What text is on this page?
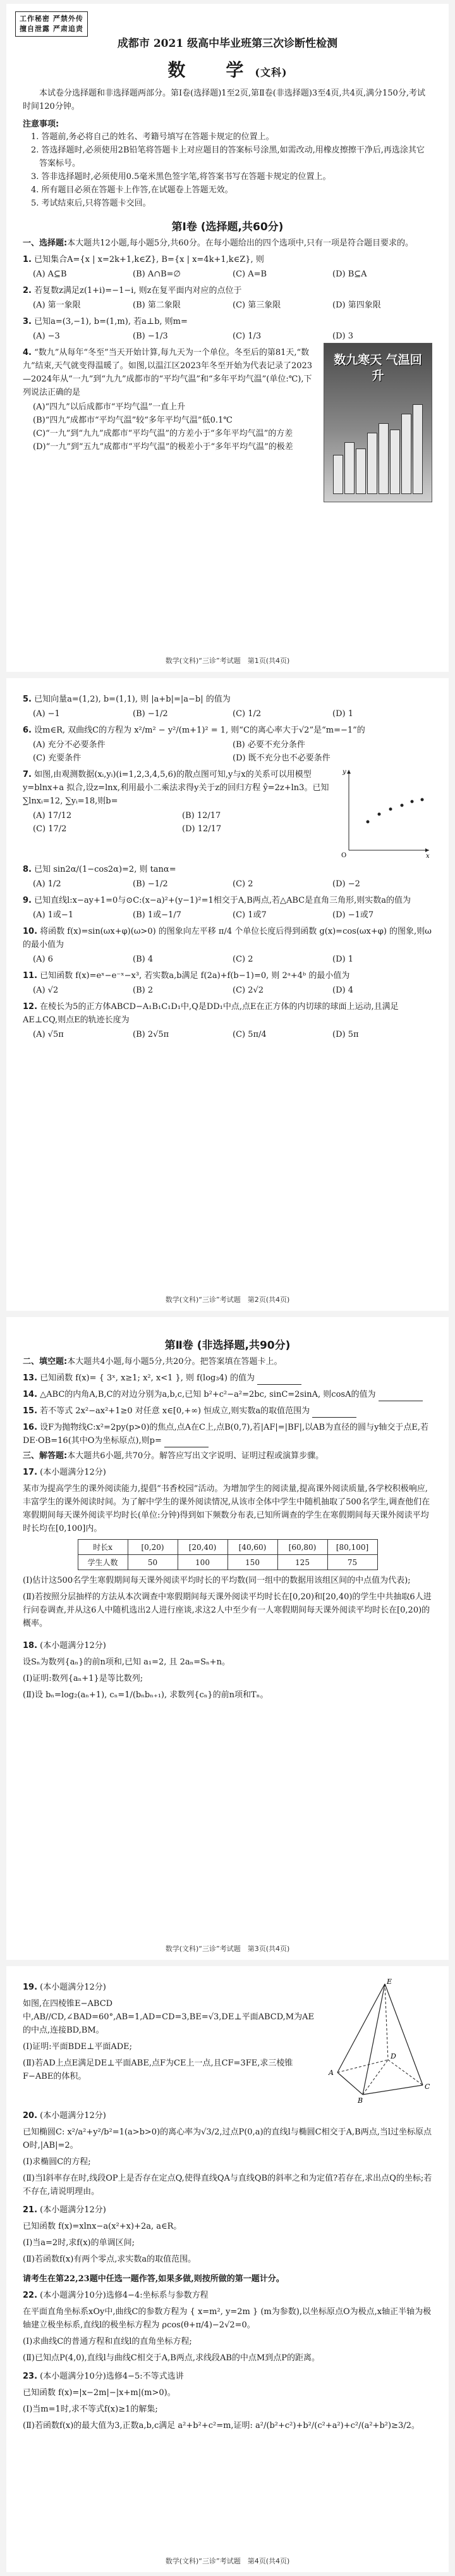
工作秘密 严禁外传
擅自泄露 严肃追责
成都市 2021 级高中毕业班第三次诊断性检测
数　学(文科)

本试卷分选择题和非选择题两部分。第Ⅰ卷(选择题)1至2页,第Ⅱ卷(非选择题)3至4页,共4页,满分150分,考试时间120分钟。

注意事项:

1. 答题前,务必将自己的姓名、考籍号填写在答题卡规定的位置上。

2. 答选择题时,必须使用2B铅笔将答题卡上对应题目的答案标号涂黑,如需改动,用橡皮擦擦干净后,再选涂其它答案标号。

3. 答非选择题时,必须使用0.5毫米黑色签字笔,将答案书写在答题卡规定的位置上。

4. 所有题目必须在答题卡上作答,在试题卷上答题无效。

5. 考试结束后,只将答题卡交回。

第Ⅰ卷 (选择题,共60分)

一、选择题:本大题共12小题,每小题5分,共60分。在每小题给出的四个选项中,只有一项是符合题目要求的。

1. 已知集合A={x | x=2k+1,k∈Z}, B={x | x=4k+1,k∈Z}, 则

(A) A⊆B	(B) A∩B=∅	(C) A=B	(D) B⊆A

2. 若复数z满足z(1+i)=−1−i, 则z在复平面内对应的点位于

(A) 第一象限	(B) 第二象限	(C) 第三象限	(D) 第四象限

3. 已知a=(3,−1), b=(1,m), 若a⊥b, 则m=

(A) −3	(B) −1/3	(C) 1/3	(D) 3

4. “数九”从每年“冬至”当天开始计算,每九天为一个单位。冬至后的第81天,“数九”结束,天气就变得温暖了。如图,以温江区2023年冬至开始为代表记录了2023—2024年从“一九”到“九九”成都市的“平均气温”和“多年平均气温”(单位:℃),下列说法正确的是

(A)“四九”以后成都市“平均气温”一直上升
(B)“四九”成都市“平均气温”较“多年平均气温”低0.1℃
(C)“一九”到“九九”成都市“平均气温”的方差小于“多年平均气温”的方差
(D)“一九”到“五九”成都市“平均气温”的极差小于“多年平均气温”的极差
数九寒天 气温回升
数学(文科)“三诊”考试题　第1页(共4页)

5. 已知向量a=(1,2), b=(1,1), 则 |a+b|=|a−b| 的值为

(A) −1	(B) −1/2	(C) 1/2	(D) 1

6. 设m∈R, 双曲线C的方程为 x²/m² − y²/(m+1)² = 1, 则“C的离心率大于√2”是“m=−1”的

(A) 充分不必要条件	(B) 必要不充分条件
(C) 充要条件	(D) 既不充分也不必要条件

7. 如图,由观测数据(xᵢ,yᵢ)(i=1,2,3,4,5,6)的散点图可知,y与x的关系可以用模型 y=blnx+a 拟合,设z=lnx,利用最小二乘法求得y关于z的回归方程 ŷ=2z+ln3。已知 ∑lnxᵢ=12, ∑yᵢ=18,则b=

(A) 17/12	(B) 12/17
(C) 17/2	(D) 12/17
O	x
y

8. 已知 sin2α/(1−cos2α)=2, 则 tanα=

(A) 1/2	(B) −1/2	(C) 2	(D) −2

9. 已知直线l:x−ay+1=0与⊙C:(x−a)²+(y−1)²=1相交于A,B两点,若△ABC是直角三角形,则实数a的值为

(A) 1或−1	(B) 1或−1/7	(C) 1或7	(D) −1或7

10. 将函数 f(x)=sin(ωx+φ)(ω>0) 的图象向左平移 π/4 个单位长度后得到函数 g(x)=cos(ωx+φ) 的图象,则ω的最小值为

(A) 6	(B) 4	(C) 2	(D) 1

11. 已知函数 f(x)=eˣ−e⁻ˣ−x³, 若实数a,b满足 f(2a)+f(b−1)=0, 则 2ᵃ+4ᵇ 的最小值为

(A) √2	(B) 2	(C) 2√2	(D) 4

12. 在棱长为5的正方体ABCD−A₁B₁C₁D₁中,Q是DD₁中点,点E在正方体的内切球的球面上运动,且满足 AE⊥CQ,则点E的轨迹长度为

(A) √5π	(B) 2√5π	(C) 5π/4	(D) 5π
数学(文科)“三诊”考试题　第2页(共4页)
第Ⅱ卷 (非选择题,共90分)

二、填空题:本大题共4小题,每小题5分,共20分。把答案填在答题卡上。

13. 已知函数 f(x)= { 3ˣ, x≥1; x², x<1 }, 则 f(log₃4) 的值为

14. △ABC的内角A,B,C的对边分别为a,b,c,已知 b²+c²−a²=2bc, sinC=2sinA, 则cosA的值为

15. 若不等式 2x²−ax²+1≥0 对任意 x∈[0,+∞) 恒成立,则实数a的取值范围为

16. 设F为抛物线C:x²=2py(p>0)的焦点,点A在C上,点B(0,7),若|AF|=|BF|,以AB为直径的圆与y轴交于点E,若 DE·OB=16(其中O为坐标原点),则p=

三、解答题:本大题共6小题,共70分。解答应写出文字说明、证明过程或演算步骤。

17. (本小题满分12分)

某市为提高学生的课外阅读能力,提倡“书香校园”活动。为增加学生的阅读量,提高课外阅读质量,各学校积极响应,丰富学生的课外阅读时间。为了解中学生的课外阅读情况,从该市全体中学生中随机抽取了500名学生,调查他们在寒假期间每天课外阅读平均时长(单位:分钟)得到如下频数分布表,已知所调查的学生在寒假期间每天课外阅读平均时长均在[0,100]内。

时长x	[0,20)	[20,40)	[40,60)	[60,80)	[80,100]
学生人数	50	100	150	125	75

(Ⅰ)估计这500名学生寒假期间每天课外阅读平均时长的平均数(同一组中的数据用该组区间的中点值为代表);

(Ⅱ)若按照分层抽样的方法从本次调查中寒假期间每天课外阅读平均时长在[0,20)和[20,40)的学生中共抽取6人进行问卷调查,并从这6人中随机选出2人进行座谈,求这2人中至少有一人寒假期间每天课外阅读平均时长在[0,20)的概率。

18. (本小题满分12分)

设Sₙ为数列{aₙ}的前n项和,已知 a₁=2, 且 2aₙ=Sₙ+n。

(Ⅰ)证明:数列{aₙ+1}是等比数列;

(Ⅱ)设 bₙ=log₂(aₙ+1), cₙ=1/(bₙbₙ₊₁), 求数列{cₙ}的前n项和Tₙ。

数学(文科)“三诊”考试题　第3页(共4页)

19. (本小题满分12分)

如图,在四棱锥E−ABCD中,AB//CD,∠BAD=60°,AB=1,AD=CD=3,BE=√3,DE⊥平面ABCD,M为AE的中点,连接BD,BM。

(Ⅰ)证明:平面BDE⊥平面ADE;

(Ⅱ)若AD上点E满足DE⊥平面ABE,点F为CE上一点,且CF=3FE,求三棱锥F−ABE的体积。

E
A
B
C
D

20. (本小题满分12分)

已知椭圆C: x²/a²+y²/b²=1(a>b>0)的离心率为√3/2,过点P(0,a)的直线l与椭圆C相交于A,B两点,当l过坐标原点O时,|AB|=2。

(Ⅰ)求椭圆C的方程;

(Ⅱ)当l斜率存在时,线段OP上是否存在定点Q,使得直线QA与直线QB的斜率之和为定值?若存在,求出点Q的坐标;若不存在,请说明理由。

21. (本小题满分12分)

已知函数 f(x)=xlnx−a(x²+x)+2a, a∈R。

(Ⅰ)当a=2时,求f(x)的单调区间;

(Ⅱ)若函数f(x)有两个零点,求实数a的取值范围。

请考生在第22,23题中任选一题作答,如果多做,则按所做的第一题计分。

22. (本小题满分10分)选修4−4:坐标系与参数方程

在平面直角坐标系xOy中,曲线C的参数方程为 { x=m², y=2m } (m为参数),以坐标原点O为极点,x轴正半轴为极轴建立极坐标系,直线l的极坐标方程为 ρcos(θ+π/4)−2√2=0。

(Ⅰ)求曲线C的普通方程和直线l的直角坐标方程;

(Ⅱ)已知点P(4,0),直线l与曲线C相交于A,B两点,求线段AB的中点M到点P的距离。

23. (本小题满分10分)选修4−5:不等式选讲

已知函数 f(x)=|x−2m|−|x+m|(m>0)。

(Ⅰ)当m=1时,求不等式f(x)≥1的解集;

(Ⅱ)若函数f(x)的最大值为3,正数a,b,c满足 a²+b²+c²=m,证明: a²/(b²+c²)+b²/(c²+a²)+c²/(a²+b²)≥3/2。

数学(文科)“三诊”考试题　第4页(共4页)
